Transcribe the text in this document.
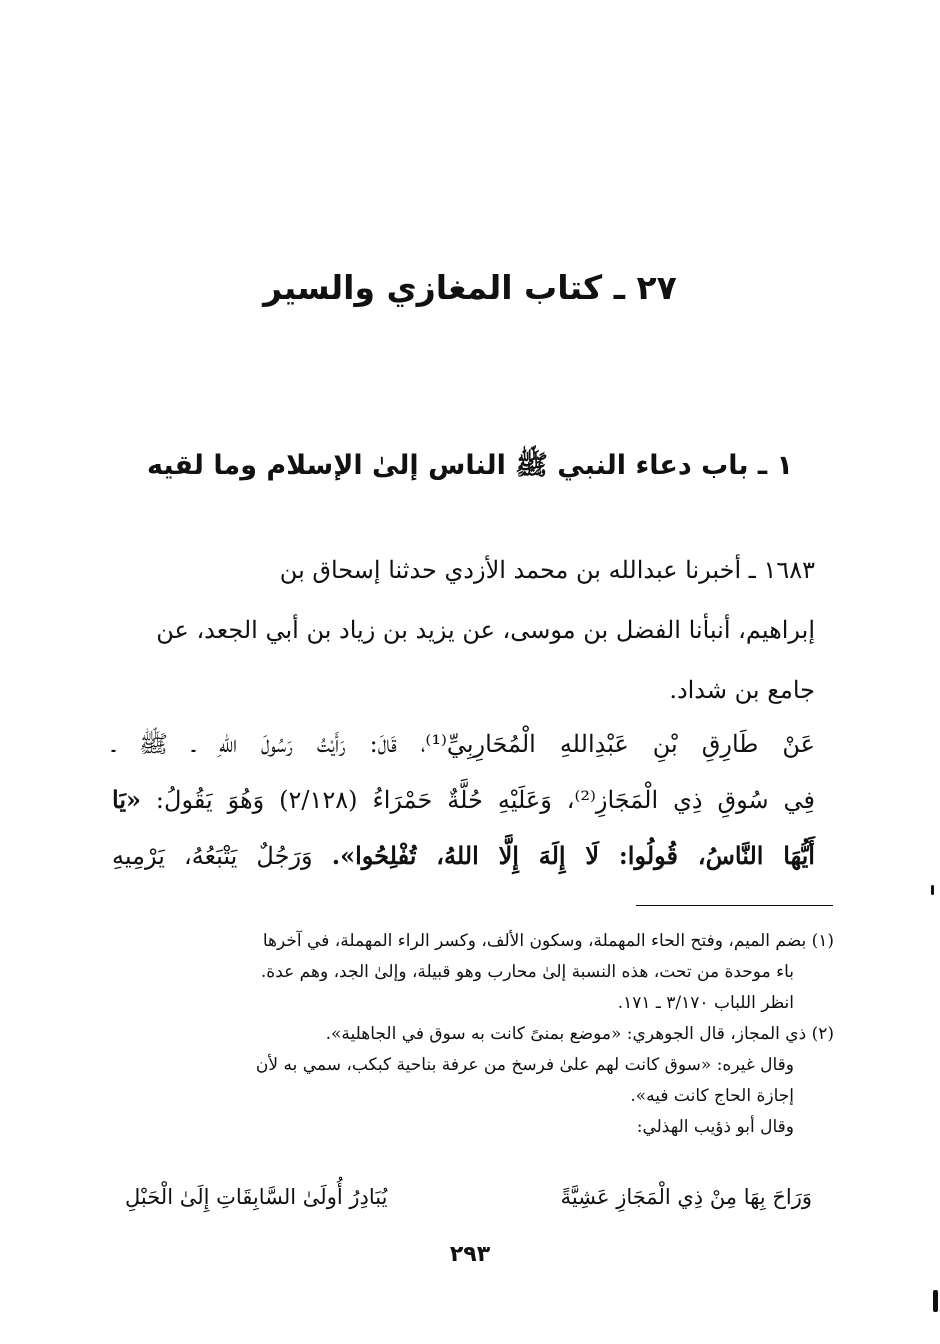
٢٧ ـ كتاب المغازي والسير
١ ـ باب دعاء النبي ﷺ الناس إلىٰ الإسلام وما لقيه
١٦٨٣ ـ أخبرنا عبدالله بن محمد الأزدي حدثنا إسحاق بن
إبراهيم، أنبأنا الفضل بن موسى، عن يزيد بن زياد بن أبي الجعد، عن
جامع بن شداد.
عَنْ طَارِقِ بْنِ عَبْدِاللهِ الْمُحَارِبِيِّ⁽¹⁾، قَالَ: رَأَيْتُ رَسُولَ اللهِ ـ ﷺ ـ
فِي سُوقِ ذِي الْمَجَازِ⁽²⁾، وَعَلَيْهِ حُلَّةٌ حَمْرَاءُ (٢/١٢٨) وَهُوَ يَقُولُ: «يَا
أَيُّهَا النَّاسُ، قُولُوا: لَا إِلَهَ إِلَّا اللهُ، تُفْلِحُوا». وَرَجُلٌ يَتْبَعُهُ، يَرْمِيهِ
(١) بضم الميم، وفتح الحاء المهملة، وسكون الألف، وكسر الراء المهملة، في آخرها
باء موحدة من تحت، هذه النسبة إلىٰ محارب وهو قبيلة، وإلىٰ الجد، وهم عدة.
انظر اللباب ٣/١٧٠ ـ ١٧١.
(٢) ذي المجاز، قال الجوهري: «موضع بمنىً كانت به سوق في الجاهلية».
وقال غيره: «سوق كانت لهم علىٰ فرسخ من عرفة بناحية كبكب، سمي به لأن
إجازة الحاج كانت فيه».
وقال أبو ذؤيب الهذلي:
وَرَاحَ بِهَا مِنْ ذِي الْمَجَازِ عَشِيَّةً
يُبَادِرُ أُولَىٰ السَّابِقَاتِ إِلَىٰ الْحَبْلِ
٢٩٣
